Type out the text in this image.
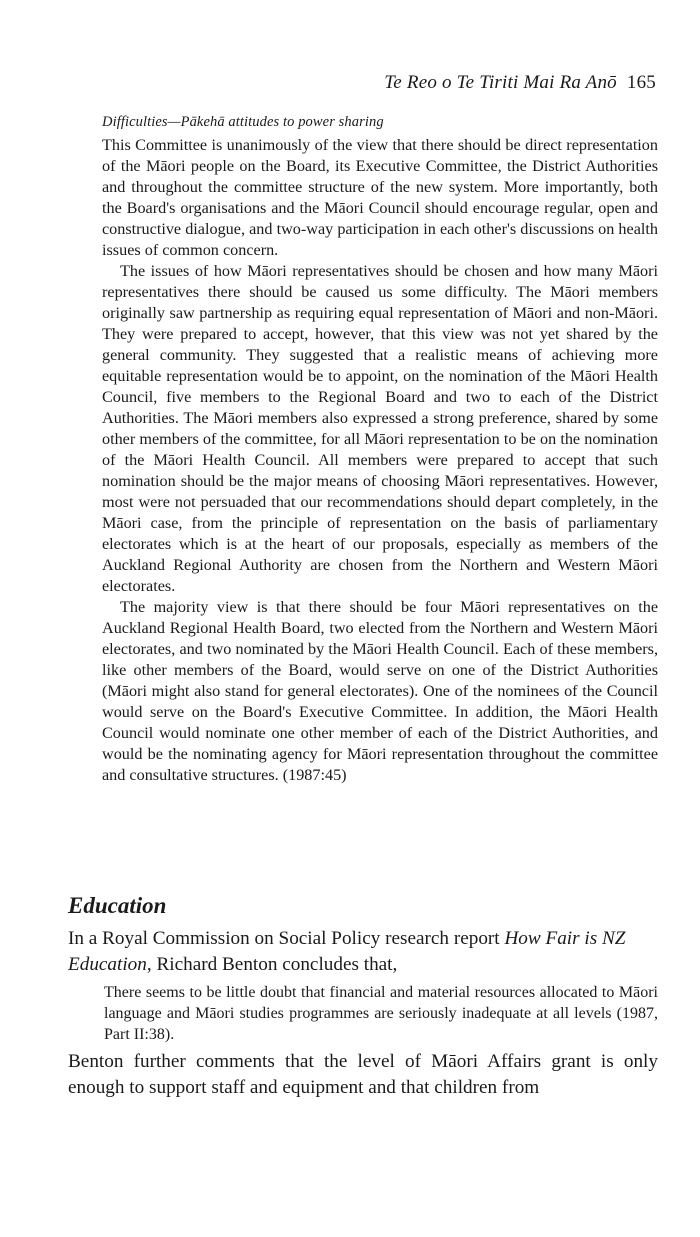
Te Reo o Te Tiriti Mai Ra Anō 165

Difficulties—Pākehā attitudes to power sharing

This Committee is unanimously of the view that there should be direct representation of the Māori people on the Board, its Executive Committee, the District Authorities and throughout the committee structure of the new system. More importantly, both the Board's organisations and the Māori Council should encourage regular, open and constructive dialogue, and two-way participation in each other's discussions on health issues of common concern.

The issues of how Māori representatives should be chosen and how many Māori representatives there should be caused us some difficulty. The Māori members originally saw partnership as requiring equal representation of Māori and non-Māori. They were prepared to accept, however, that this view was not yet shared by the general community. They suggested that a realistic means of achieving more equitable representation would be to appoint, on the nomination of the Māori Health Council, five members to the Regional Board and two to each of the District Authorities. The Māori members also expressed a strong preference, shared by some other members of the committee, for all Māori representation to be on the nomination of the Māori Health Council. All members were prepared to accept that such nomination should be the major means of choosing Māori representatives. However, most were not persuaded that our recommendations should depart completely, in the Māori case, from the principle of representation on the basis of parliamentary electorates which is at the heart of our proposals, especially as members of the Auckland Regional Authority are chosen from the Northern and Western Māori electorates.

The majority view is that there should be four Māori representatives on the Auckland Regional Health Board, two elected from the Northern and Western Māori electorates, and two nominated by the Māori Health Council. Each of these members, like other members of the Board, would serve on one of the District Authorities (Māori might also stand for general electorates). One of the nominees of the Council would serve on the Board's Executive Committee. In addition, the Māori Health Council would nominate one other member of each of the District Authorities, and would be the nominating agency for Māori representation throughout the committee and consultative structures. (1987:45)

Education

In a Royal Commission on Social Policy research report How Fair is NZ Education, Richard Benton concludes that,

There seems to be little doubt that financial and material resources allocated to Māori language and Māori studies programmes are seriously inadequate at all levels (1987, Part II:38).

Benton further comments that the level of Māori Affairs grant is only enough to support staff and equipment and that children from
